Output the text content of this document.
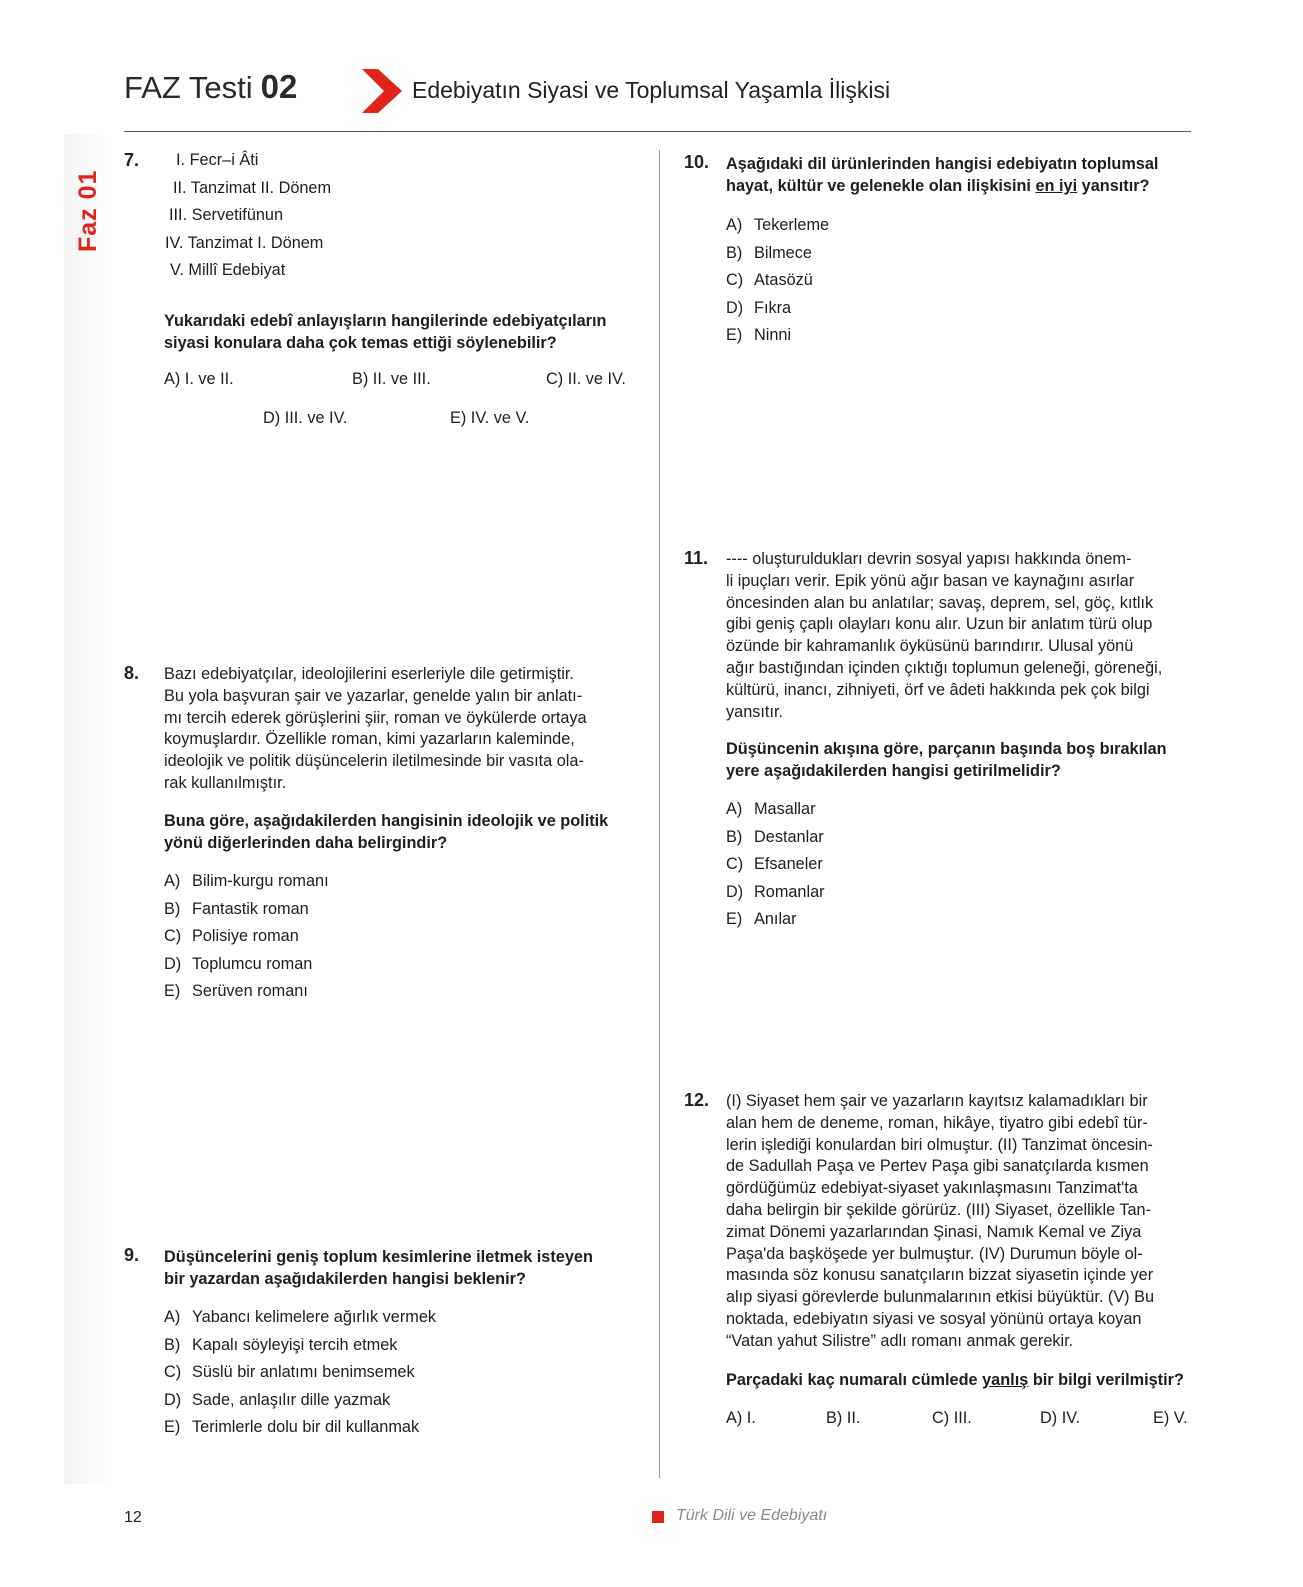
FAZ Testi 02	Edebiyatın Siyasi ve Toplumsal Yaşamla İlişkisi
Faz 01
7.	I. Fecr–i Âti
II. Tanzimat II. Dönem
III. Servetifünun
IV. Tanzimat I. Dönem
V. Millî Edebiyat
Yukarıdaki edebî anlayışların hangilerinde edebiyatçıların
siyasi konulara daha çok temas ettiği söylenebilir?
A) I. ve II.	B) II. ve III.	C) II. ve IV.
D) III. ve IV.	E) IV. ve V.
8. Bazı edebiyatçılar, ideolojilerini eserleriyle dile getirmiştir.
Bu yola başvuran şair ve yazarlar, genelde yalın bir anlatı-
mı tercih ederek görüşlerini şiir, roman ve öykülerde ortaya
koymuşlardır. Özellikle roman, kimi yazarların kaleminde,
ideolojik ve politik düşüncelerin iletilmesinde bir vasıta ola-
rak kullanılmıştır.
Buna göre, aşağıdakilerden hangisinin ideolojik ve politik
yönü diğerlerinden daha belirgindir?
A) Bilim-kurgu romanı
B) Fantastik roman
C) Polisiye roman
D) Toplumcu roman
E) Serüven romanı
9. Düşüncelerini geniş toplum kesimlerine iletmek isteyen
bir yazardan aşağıdakilerden hangisi beklenir?
A) Yabancı kelimelere ağırlık vermek
B) Kapalı söyleyişi tercih etmek
C) Süslü bir anlatımı benimsemek
D) Sade, anlaşılır dille yazmak
E) Terimlerle dolu bir dil kullanmak
10. Aşağıdaki dil ürünlerinden hangisi edebiyatın toplumsal
hayat, kültür ve gelenekle olan ilişkisini en iyi yansıtır?
A) Tekerleme
B) Bilmece
C) Atasözü
D) Fıkra
E) Ninni
11. ---- oluşturuldukları devrin sosyal yapısı hakkında önem-
li ipuçları verir. Epik yönü ağır basan ve kaynağını asırlar
öncesinden alan bu anlatılar; savaş, deprem, sel, göç, kıtlık
gibi geniş çaplı olayları konu alır. Uzun bir anlatım türü olup
özünde bir kahramanlık öyküsünü barındırır. Ulusal yönü
ağır bastığından içinden çıktığı toplumun geleneği, göreneği,
kültürü, inancı, zihniyeti, örf ve âdeti hakkında pek çok bilgi
yansıtır.
Düşüncenin akışına göre, parçanın başında boş bırakılan
yere aşağıdakilerden hangisi getirilmelidir?
A) Masallar
B) Destanlar
C) Efsaneler
D) Romanlar
E) Anılar
12. (I) Siyaset hem şair ve yazarların kayıtsız kalamadıkları bir
alan hem de deneme, roman, hikâye, tiyatro gibi edebî tür-
lerin işlediği konulardan biri olmuştur. (II) Tanzimat öncesin-
de Sadullah Paşa ve Pertev Paşa gibi sanatçılarda kısmen
gördüğümüz edebiyat-siyaset yakınlaşmasını Tanzimat'ta
daha belirgin bir şekilde görürüz. (III) Siyaset, özellikle Tan-
zimat Dönemi yazarlarından Şinasi, Namık Kemal ve Ziya
Paşa'da başköşede yer bulmuştur. (IV) Durumun böyle ol-
masında söz konusu sanatçıların bizzat siyasetin içinde yer
alıp siyasi görevlerde bulunmalarının etkisi büyüktür. (V) Bu
noktada, edebiyatın siyasi ve sosyal yönünü ortaya koyan
“Vatan yahut Silistre” adlı romanı anmak gerekir.
Parçadaki kaç numaralı cümlede yanlış bir bilgi verilmiştir?
A) I.	B) II.	C) III.	D) IV.	E) V.
12	Türk Dili ve Edebiyatı
